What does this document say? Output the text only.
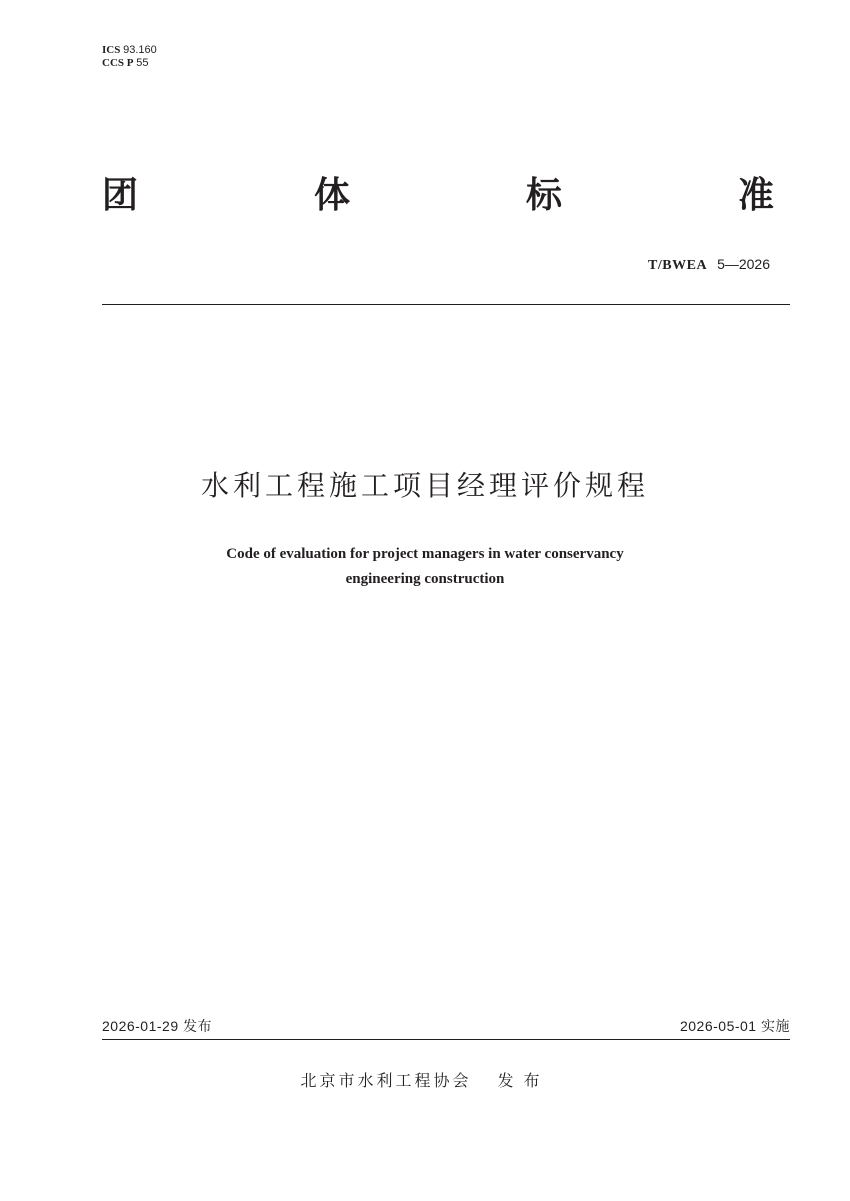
ICS 93.160
CCS P 55
团	体	标	准
T/BWEA 5—2026
水利工程施工项目经理评价规程
Code of evaluation for project managers in water conservancy
engineering construction
2026-01-29 发布	2026-05-01 实施
北京市水利工程协会 发布
